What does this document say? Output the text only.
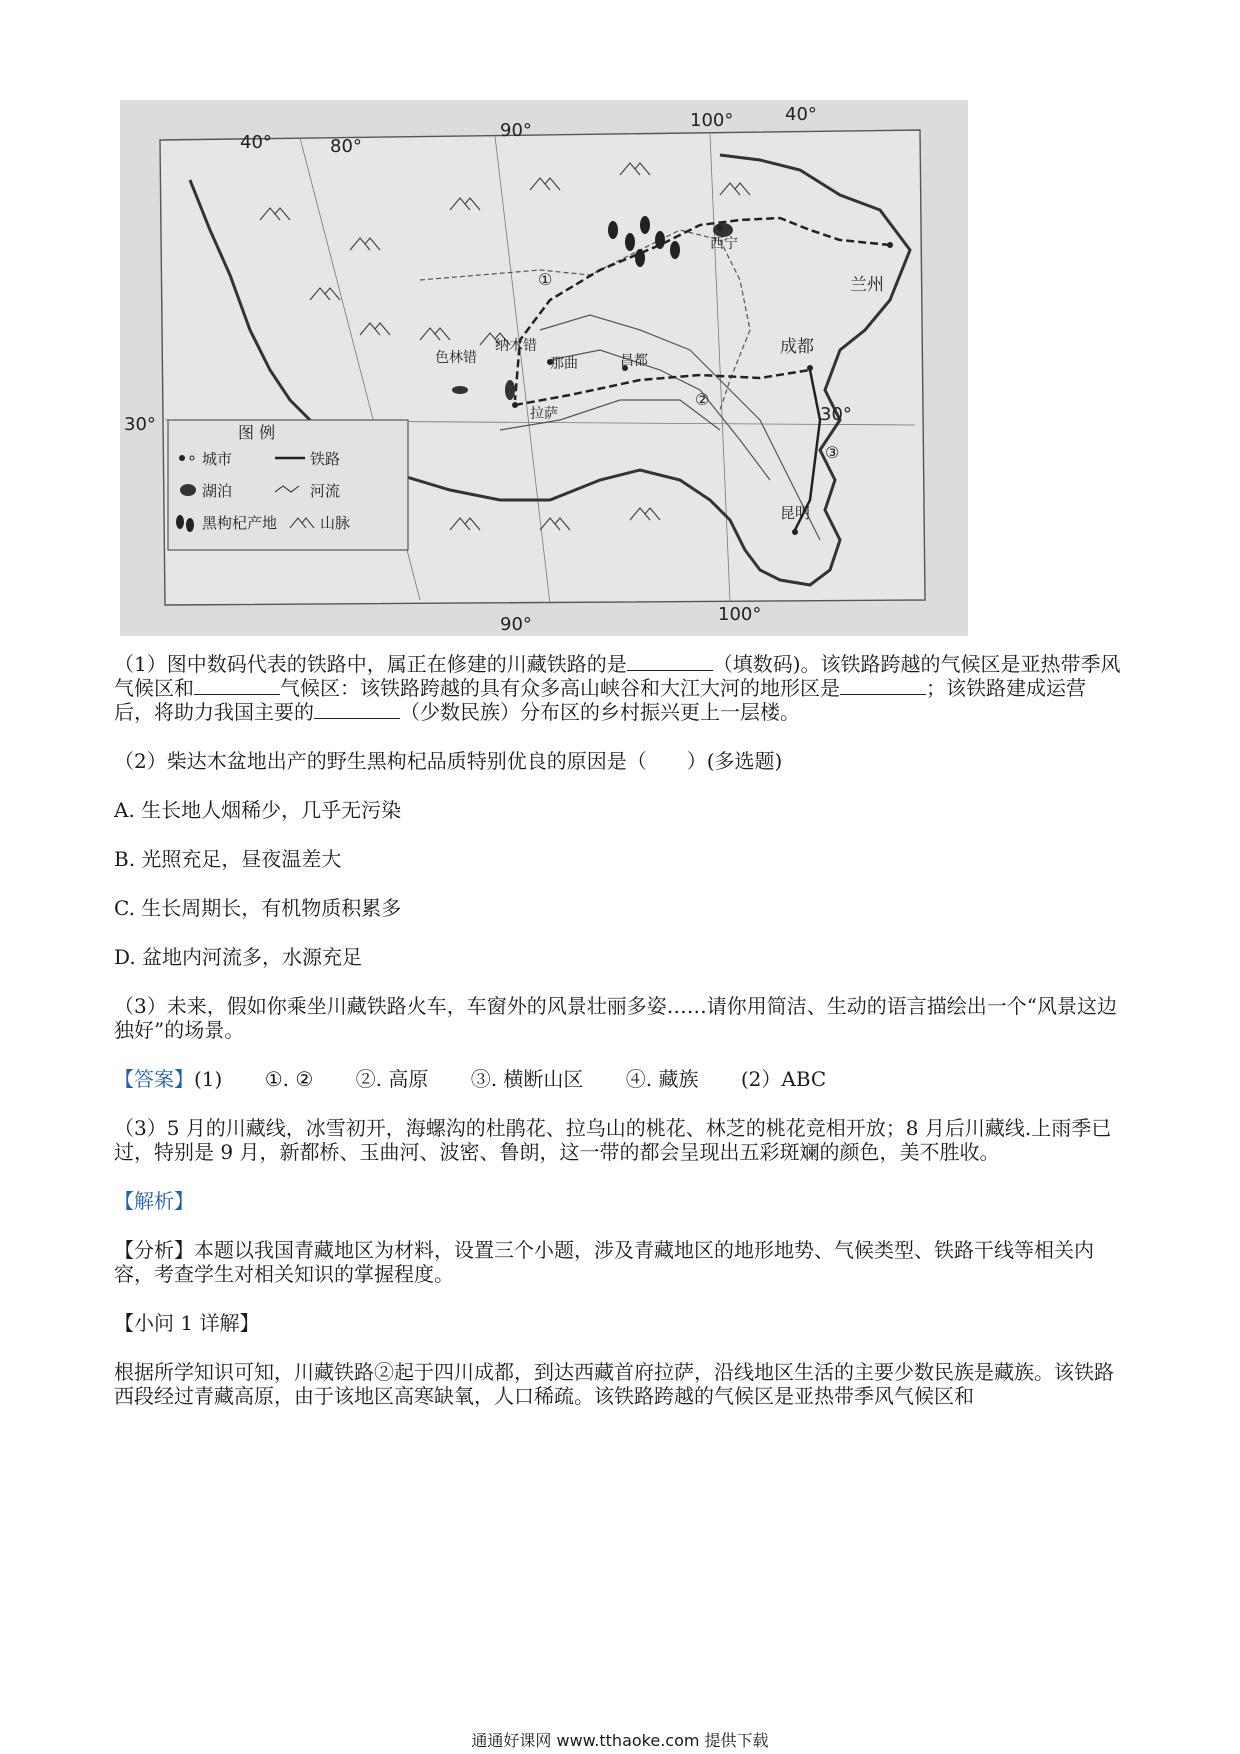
40°	80°
90°	100°	40°
90°	100°
30°	30°
①
②
③
兰州
西宁
成都
昆明
拉萨
那曲	昌都
色林错
纳木错
图 例
城市	铁路
湖泊	河流
黑枸杞产地	山脉

（1）图中数码代表的铁路中，属正在修建的川藏铁路的是	（填数码)。该铁路跨越的气候区是亚热带季风气候区和	气候区：该铁路跨越的具有众多高山峡谷和大江大河的地形区是	；该铁路建成运营后，将助力我国主要的	（少数民族）分布区的乡村振兴更上一层楼。

（2）柴达木盆地出产的野生黑枸杞品质特别优良的原因是（　　）(多选题)

A. 生长地人烟稀少，几乎无污染

B. 光照充足，昼夜温差大

C. 生长周期长，有机物质积累多

D. 盆地内河流多，水源充足

（3）未来，假如你乘坐川藏铁路火车，车窗外的风景壮丽多姿……请你用简洁、生动的语言描绘出一个“风景这边独好”的场景。

【答案】(1) ①. ② ②. 高原 ③. 横断山区 ④. 藏族 (2）ABC

（3）5 月的川藏线，冰雪初开，海螺沟的杜鹃花、拉乌山的桃花、林芝的桃花竞相开放；8 月后川藏线.上雨季已过，特别是 9 月，新都桥、玉曲河、波密、鲁朗，这一带的都会呈现出五彩斑斓的颜色，美不胜收。

【解析】

【分析】本题以我国青藏地区为材料，设置三个小题，涉及青藏地区的地形地势、气候类型、铁路干线等相关内容，考查学生对相关知识的掌握程度。

【小问 1 详解】

根据所学知识可知，川藏铁路②起于四川成都，到达西藏首府拉萨，沿线地区生活的主要少数民族是藏族。该铁路西段经过青藏高原，由于该地区高寒缺氧，人口稀疏。该铁路跨越的气候区是亚热带季风气候区和

通通好课网 www.tthaoke.com 提供下载
